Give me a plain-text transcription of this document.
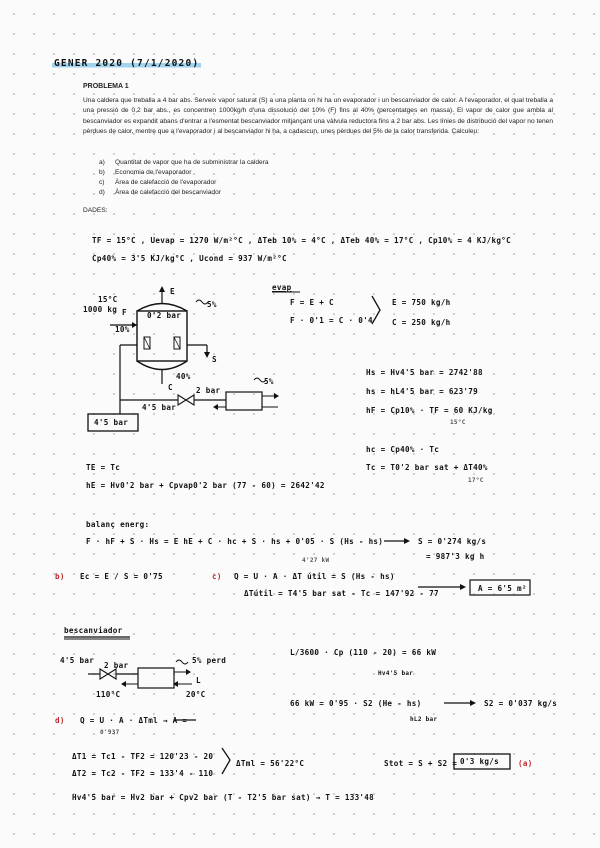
GENER 2020 (7/1/2020)
PROBLEMA 1
Una caldera que treballa a 4 bar abs. Serveix vapor saturat (S) a una planta on hi ha un evaporador i un bescanviador de calor. A l'evaporador, el qual treballa a una pressió de 0,2 bar abs., es concentren 1000kg/h d'una dissolució del 10% (F) fins al 40% (percentatges en massa). El vapor de calor que ambla al bescanviador es expandit abans d'entrar a l'esmentat bescanviador mitjançant una vàlvula reductora fins a 2 bar abs. Les línies de distribució del vapor no tenen pèrdues de calor, mentre que a l'evaporador i al bescanviador hi ha, a cadascun, unes pèrdues del 5% de la calor transferida. Calculeu:
a) Quantitat de vapor que ha de subministrar la caldera
b) Economia de l'evaporador
c) Àrea de calefacció de l'evaporador
d) Àrea de calefacció del bescanviador
DADES:
TF = 15°C , Uevap = 1270 W/m²°C , ΔTeb 10% = 4°C , ΔTeb 40% = 17°C , Cp10% = 4 KJ/kg°C
Cp40% = 3'5 KJ/kg°C , Ucond = 937 W/m²°C
15°C
1000 kg F
10%
0'2 bar
E
5%
S
40%
C	2 bar
5%
4'5 bar
4'5 bar
evap
F = E + C
F · 0'1 = C · 0'4
E = 750 kg/h
C = 250 kg/h
Hs = Hv4'5 bar = 2742'88
hs = hL4'5 bar = 623'79
hF = Cp10% · TF = 60 KJ/kg
15°C
hc = Cp40% · Tc
Tc = T0'2 bar sat + ΔT40%
17°C
TE = Tc
hE = Hv0'2 bar + Cpvap0'2 bar (77 - 60) = 2642'42
balanç energ:
F · hF + S · Hs = E hE + C · hc + S · hs + 0'05 · S (Hs - hs)	S = 0'274 kg/s
= 987'3 kg h
b) Ec = E / S = 0'75	c) Q = U · A · ΔT útil = S (Hs - hs)
4'27 kW
ΔTútil = T4'5 bar sat - Tc = 147'92 - 77
A = 6'5 m²
bescanviador
4'5 bar
2 bar
5% perd
L
110°C	20°C
L/3600 · Cp (110 - 20) = 66 kW
Hv4'5 bar
66 kW = 0'95 · S2 (He - hs)	S2 = 0'037 kg/s
hL2 bar
d) Q = U · A · ΔTml → A =
0'937
ΔT1 = Tc1 - TF2 = 120'23 - 20
ΔT2 = Tc2 - TF2 = 133'4 - 110
ΔTml = 56'22°C	Stot = S + S2 = 0'3 kg/s	(a)
Hv4'5 bar = Hv2 bar + Cpv2 bar (T - T2'5 bar sat) → T = 133'48
